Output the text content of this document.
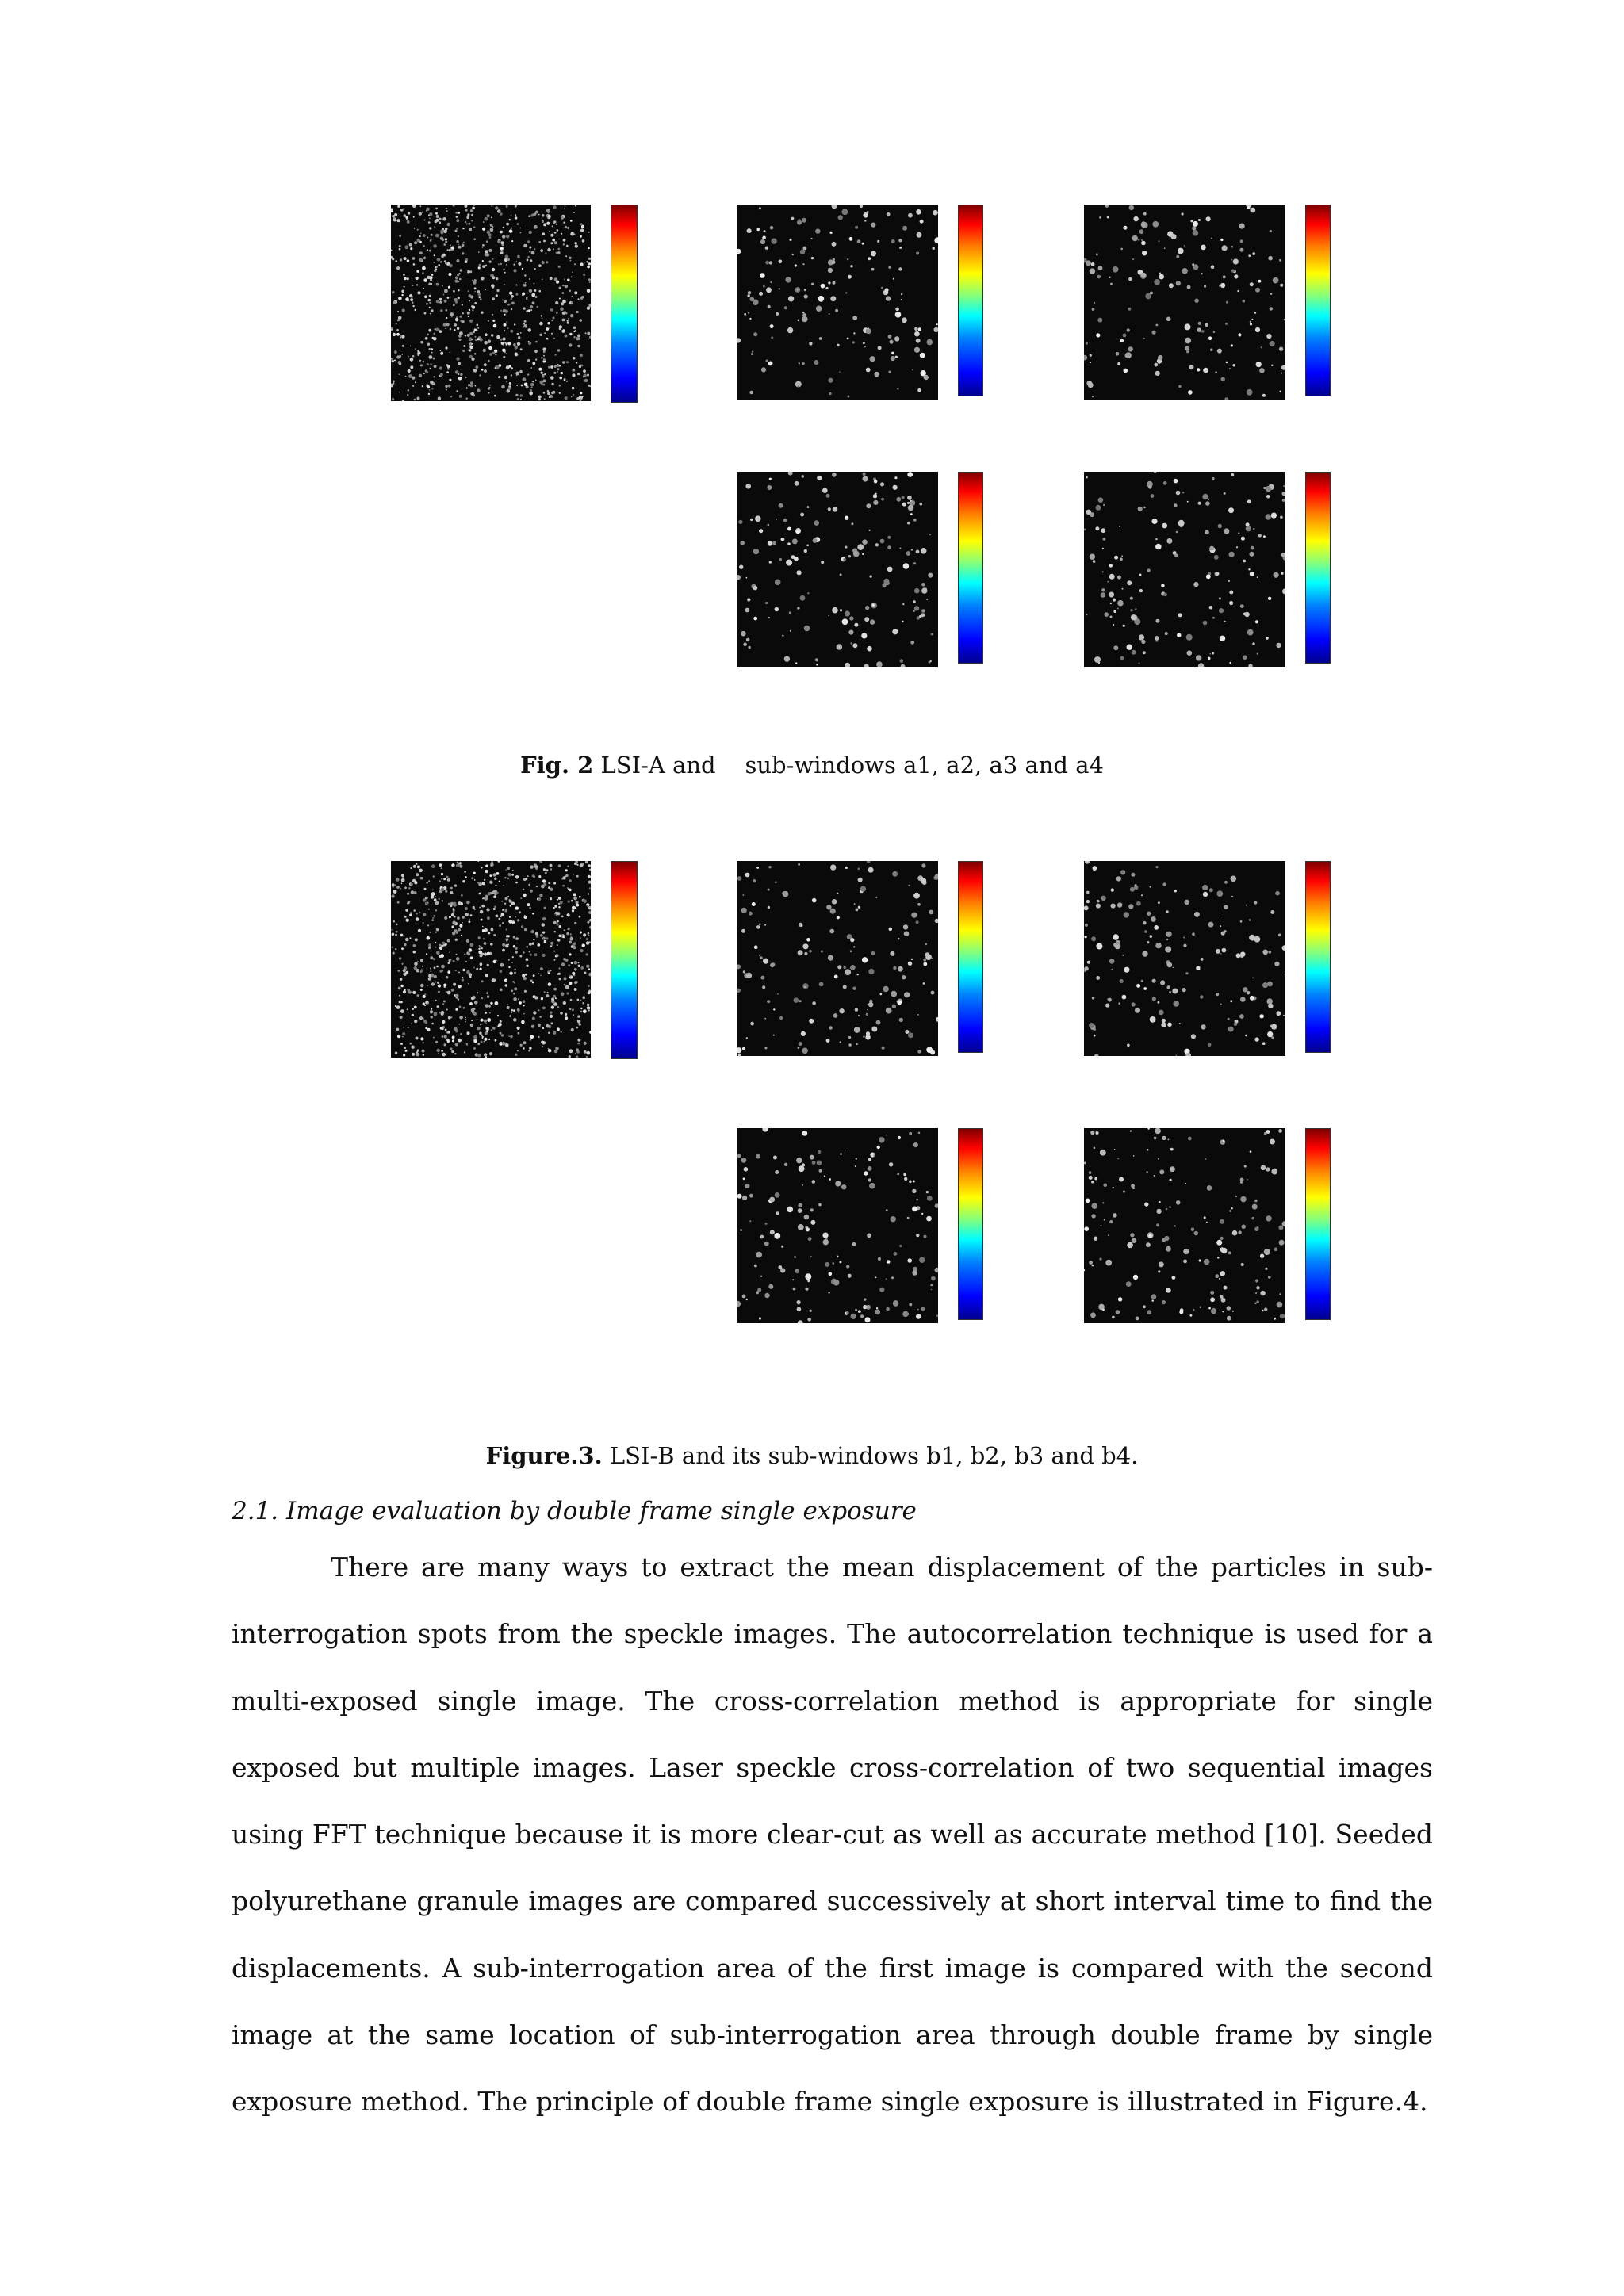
Fig. 2 LSI-A and    sub-windows a1, a2, a3 and a4
Figure.3. LSI-B and its sub-windows b1, b2, b3 and b4.
2.1. Image evaluation by double frame single exposure

There are many ways to extract the mean displacement of the particles in sub-interrogation spots from the speckle images. The autocorrelation technique is used for a multi-exposed single image. The cross-correlation method is appropriate for single exposed but multiple images. Laser speckle cross-correlation of two sequential images using FFT technique because it is more clear-cut as well as accurate method [10]. Seeded polyurethane granule images are compared successively at short interval time to find the displacements. A sub-interrogation area of the first image is compared with the second image at the same location of sub-interrogation area through double frame by single exposure method. The principle of double frame single exposure is illustrated in Figure.4.
